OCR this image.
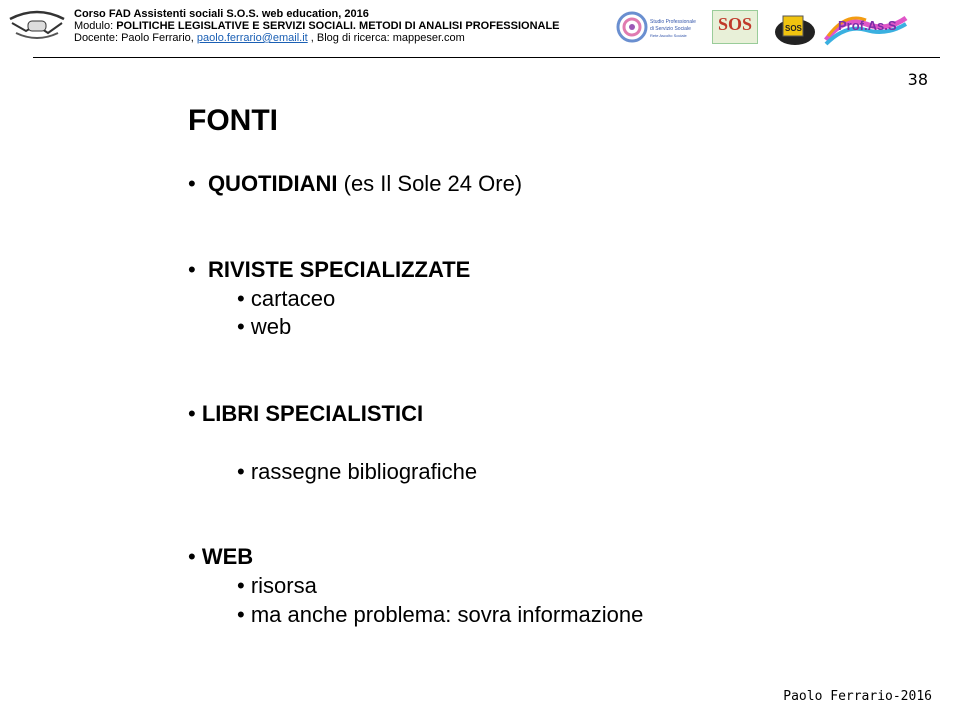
Corso FAD Assistenti sociali S.O.S. web education, 2016
Modulo: POLITICHE LEGISLATIVE E SERVIZI SOCIALI. METODI DI ANALISI PROFESSIONALE
Docente: Paolo Ferrario, paolo.ferrario@email.it , Blog di ricerca: mappeser.com
Studio Professionale
di Servizio Sociale
Rete Ascolto Sociale
SOS	SOS	Prof.As.S
38
FONTI
• QUOTIDIANI (es Il Sole 24 Ore)
• RIVISTE SPECIALIZZATE
• cartaceo
• web
• LIBRI SPECIALISTICI
• rassegne bibliografiche
• WEB
• risorsa
• ma anche problema: sovra informazione
Paolo Ferrario-2016
